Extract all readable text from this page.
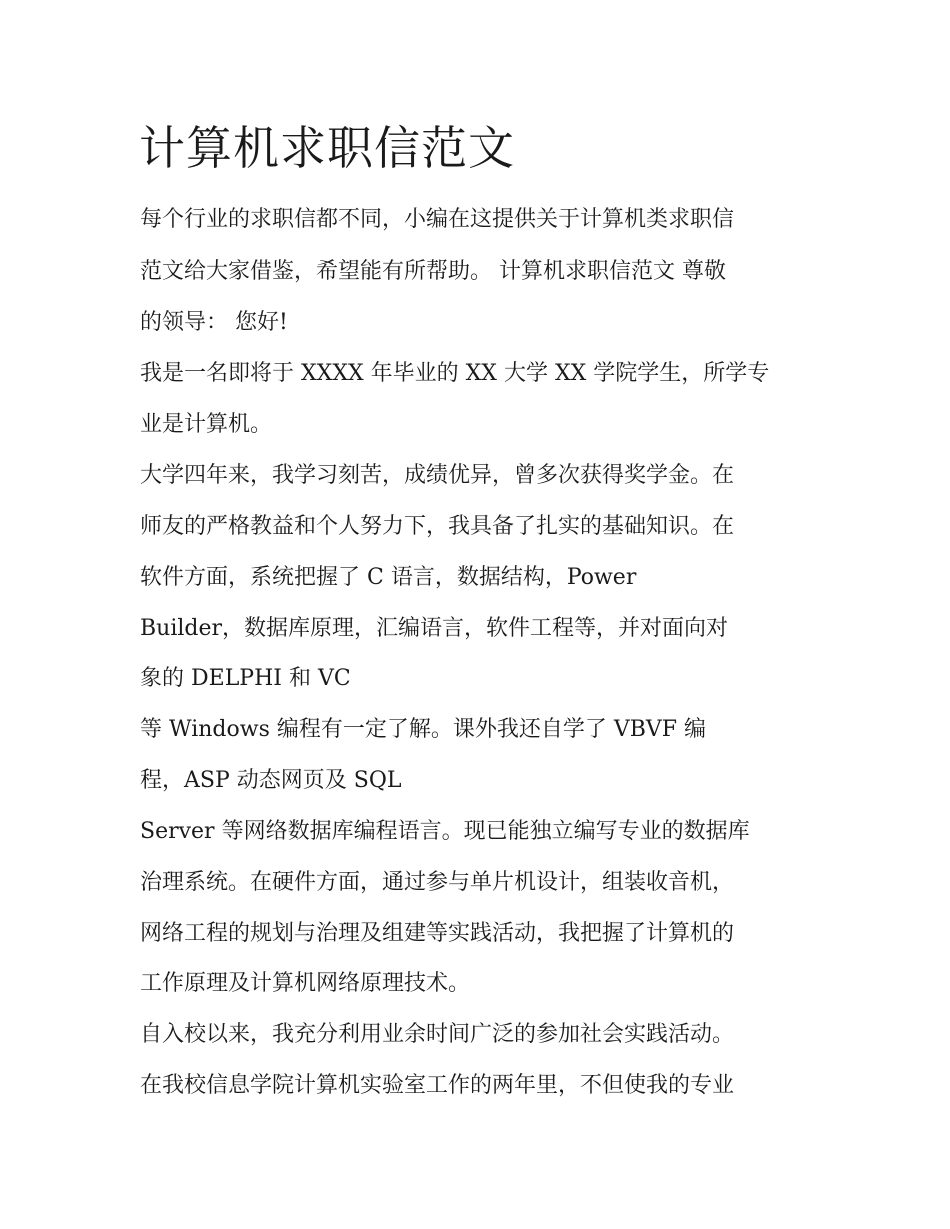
计算机求职信范文

每个行业的求职信都不同，小编在这提供关于计算机类求职信

范文给大家借鉴，希望能有所帮助。 计算机求职信范文 尊敬

的领导： 您好!

我是一名即将于 XXXX 年毕业的 XX 大学 XX 学院学生，所学专

业是计算机。

大学四年来，我学习刻苦，成绩优异，曾多次获得奖学金。在

师友的严格教益和个人努力下，我具备了扎实的基础知识。在

软件方面，系统把握了 C 语言，数据结构，Power

Builder，数据库原理，汇编语言，软件工程等，并对面向对

象的 DELPHI 和 VC

等 Windows 编程有一定了解。课外我还自学了 VBVF 编

程，ASP 动态网页及 SQL

Server 等网络数据库编程语言。现已能独立编写专业的数据库

治理系统。在硬件方面，通过参与单片机设计，组装收音机，

网络工程的规划与治理及组建等实践活动，我把握了计算机的

工作原理及计算机网络原理技术。

自入校以来，我充分利用业余时间广泛的参加社会实践活动。

在我校信息学院计算机实验室工作的两年里，不但使我的专业
